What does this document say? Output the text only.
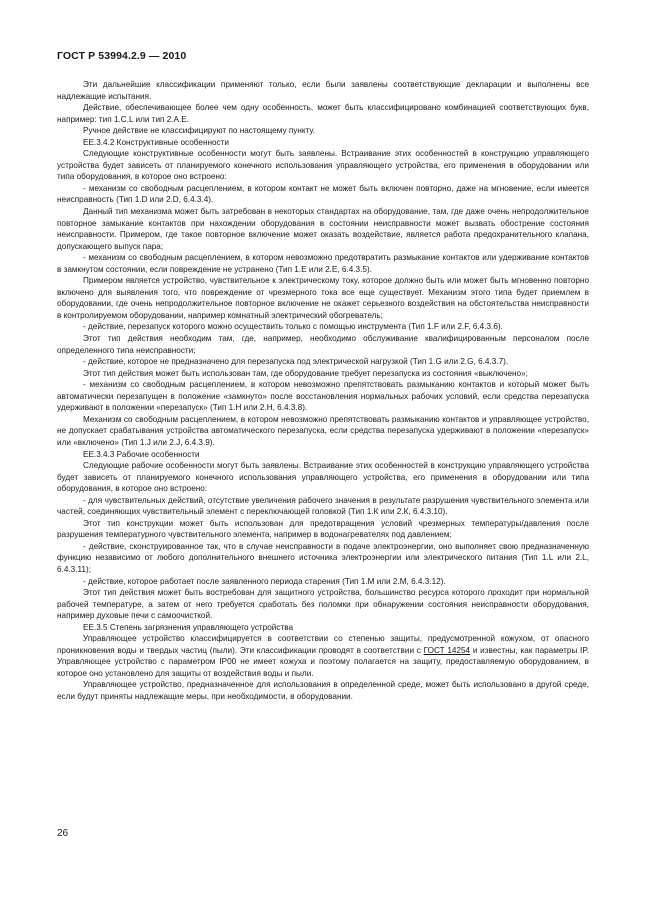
ГОСТ Р 53994.2.9 — 2010

Эти дальнейшие классификации применяют только, если были заявлены соответствующие декларации и выполнены все надлежащие испытания.

Действие, обеспечивающее более чем одну особенность, может быть классифицировано комбинацией соответствующих букв, например: тип 1.С.L или тип 2.A.E.

Ручное действие не классифицируют по настоящему пункту.

ЕЕ.3.4.2 Конструктивные особенности

Следующие конструктивные особенности могут быть заявлены. Встраивание этих особенностей в конструкцию управляющего устройства будет зависеть от планируемого конечного использования управляющего устройства, его применения в оборудовании или типа оборудования, в которое оно встроено:

- механизм со свободным расцеплением, в котором контакт не может быть включен повторно, даже на мгновение, если имеется неисправность (Тип 1.D или 2.D, 6.4.3.4).

Данный тип механизма может быть затребован в некоторых стандартах на оборудование, там, где даже очень непродолжительное повторное замыкание контактов при нахождении оборудования в состоянии неисправности может вызвать обострение состояния неисправности. Примером, где такое повторное включение может оказать воздействие, является работа предохранительного клапана, допускающего выпуск пара;

- механизм со свободным расцеплением, в котором невозможно предотвратить размыкание контактов или удерживание контактов в замкнутом состоянии, если повреждение не устранено (Тип 1.Е или 2.Е, 6.4.3.5).

Примером является устройство, чувствительное к электрическому току, которое должно быть или может быть мгновенно повторно включено для выявления того, что повреждение от чрезмерного тока все еще существует. Механизм этого типа будет приемлем в оборудовании, где очень непродолжительное повторное включение не окажет серьезного воздействия на обстоятельства неисправности в контролируемом оборудовании, например комнатный электрический обогреватель;

- действие, перезапуск которого можно осуществить только с помощью инструмента (Тип 1.F или 2.F, 6.4.3.6).

Этот тип действия необходим там, где, например, необходимо обслуживание квалифицированным персоналом после определенного типа неисправности;

- действие, которое не предназначено для перезапуска под электрической нагрузкой (Тип 1.G или 2.G, 6.4.3.7).

Этот тип действия может быть использован там, где оборудование требует перезапуска из состояния «выключено»;

- механизм со свободным расцеплением, в котором невозможно препятствовать размыканию контактов и который может быть автоматически перезапущен в положение «замкнуто» после восстановления нормальных рабочих условий, если средства перезапуска удерживают в положении «перезапуск» (Тип 1.Н или 2.Н, 6.4.3.8).

Механизм со свободным расцеплением, в котором невозможно препятствовать размыканию контактов и управляющее устройство, не допускает срабатывания устройства автоматического перезапуска, если средства перезапуска удерживают в положении «перезапуск» или «включено» (Тип 1.J или 2.J, 6.4.3.9).

ЕЕ.3.4.3 Рабочие особенности

Следующие рабочие особенности могут быть заявлены. Встраивание этих особенностей в конструкцию управляющего устройства будет зависеть от планируемого конечного использования управляющего устройства, его применения в оборудовании или типа оборудования, в которое оно встроено:

- для чувствительных действий, отсутствие увеличения рабочего значения в результате разрушения чувствительного элемента или частей, соединяющих чувствительный элемент с переключающей головкой (Тип 1.К или 2.К, 6.4.3.10).

Этот тип конструкции может быть использован для предотвращения условий чрезмерных температуры/давления после разрушения температурного чувствительного элемента, например в водонагревателях под давлением;

- действие, сконструированное так, что в случае неисправности в подаче электроэнергии, оно выполняет свою предназначенную функцию независимо от любого дополнительного внешнего источника электроэнергии или электрического питания (Тип 1.L или 2.L, 6.4.3.11);

- действие, которое работает после заявленного периода старения (Тип 1.М или 2.М, 6.4.3.12).

Этот тип действия может быть востребован для защитного устройства, большинство ресурса которого проходит при нормальной рабочей температуре, а затем от него требуется сработать без поломки при обнаружении состояния неисправности оборудования, например духовые печи с самоочисткой.

ЕЕ.3.5 Степень загрязнения управляющего устройства

Управляющее устройство классифицируется в соответствии со степенью защиты, предусмотренной кожухом, от опасного проникновения воды и твердых частиц (пыли). Эти классификации проводят в соответствии с ГОСТ 14254 и известны, как параметры IP. Управляющее устройство с параметром IP00 не имеет кожуха и поэтому полагается на защиту, предоставляемую оборудованием, в которое оно установлено для защиты от воздействия воды и пыли.

Управляющее устройство, предназначенное для использования в определенной среде, может быть использовано в другой среде, если будут приняты надлежащие меры, при необходимости, в оборудовании.

26
